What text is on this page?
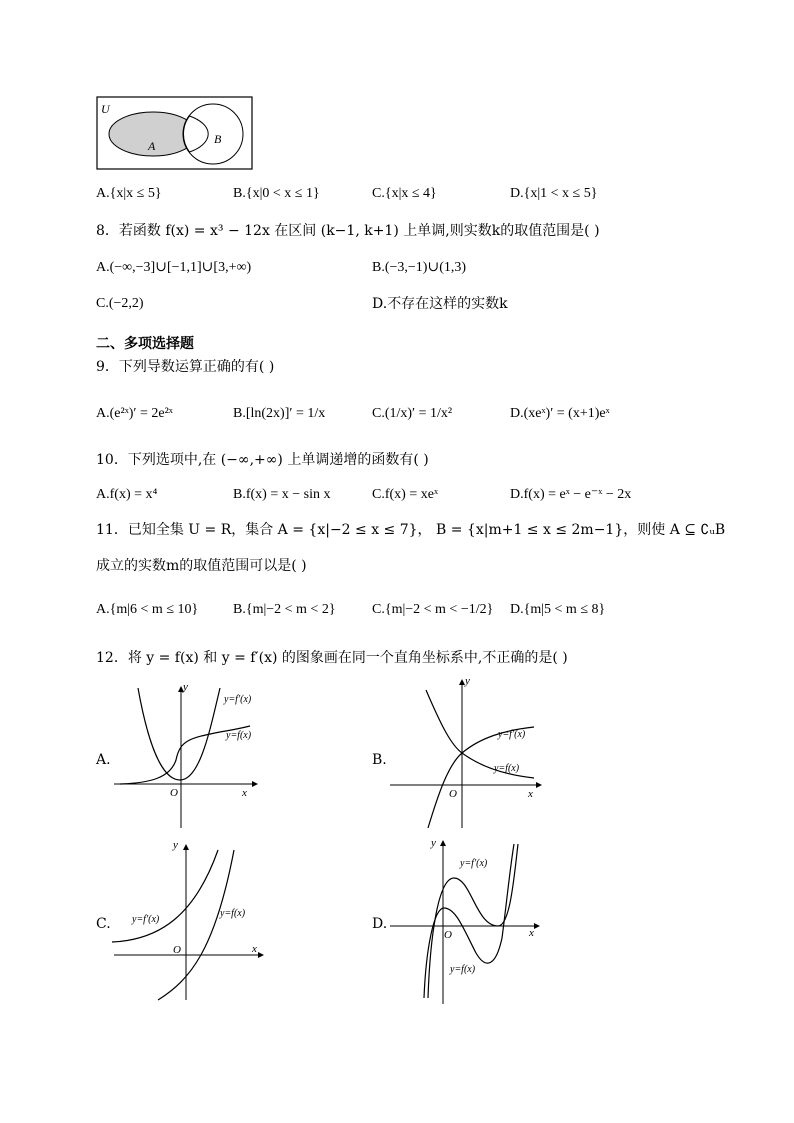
U
A	B
A.{x|x ≤ 5}	B.{x|0 < x ≤ 1}	C.{x|x ≤ 4}	D.{x|1 < x ≤ 5}
8．若函数 f(x) = x³ − 12x 在区间 (k−1, k+1) 上单调,则实数k的取值范围是( )
A.(−∞,−3]∪[−1,1]∪[3,+∞)	B.(−3,−1)∪(1,3)
C.(−2,2)	D.不存在这样的实数k
二、多项选择题
9．下列导数运算正确的有( )
A.(e²ˣ)′ = 2e²ˣ	B.[ln(2x)]′ = 1/x	C.(1/x)′ = 1/x²	D.(xeˣ)′ = (x+1)eˣ
10．下列选项中,在 (−∞,+∞) 上单调递增的函数有( )
A.f(x) = x⁴	B.f(x) = x − sin x	C.f(x) = xeˣ	D.f(x) = eˣ − e⁻ˣ − 2x
11．已知全集 U = R，集合 A = {x|−2 ≤ x ≤ 7}， B = {x|m+1 ≤ x ≤ 2m−1}，则使 A ⊆ ∁ᵤB
成立的实数m的取值范围可以是( )
A.{m|6 < m ≤ 10} B.{m|−2 < m < 2}	C.{m|−2 < m < −1/2} D.{m|5 < m ≤ 8}
12．将 y = f(x) 和 y = f′(x) 的图象画在同一个直角坐标系中,不正确的是( )
A.	B.
C.	D.
y
x
O
y=f′(x)
y=f(x)
y
x
O
y=f′(x)
y=f(x)
y
x
O
y=f′(x)
y=f(x)
y
x
O
y=f′(x)
y=f(x)
